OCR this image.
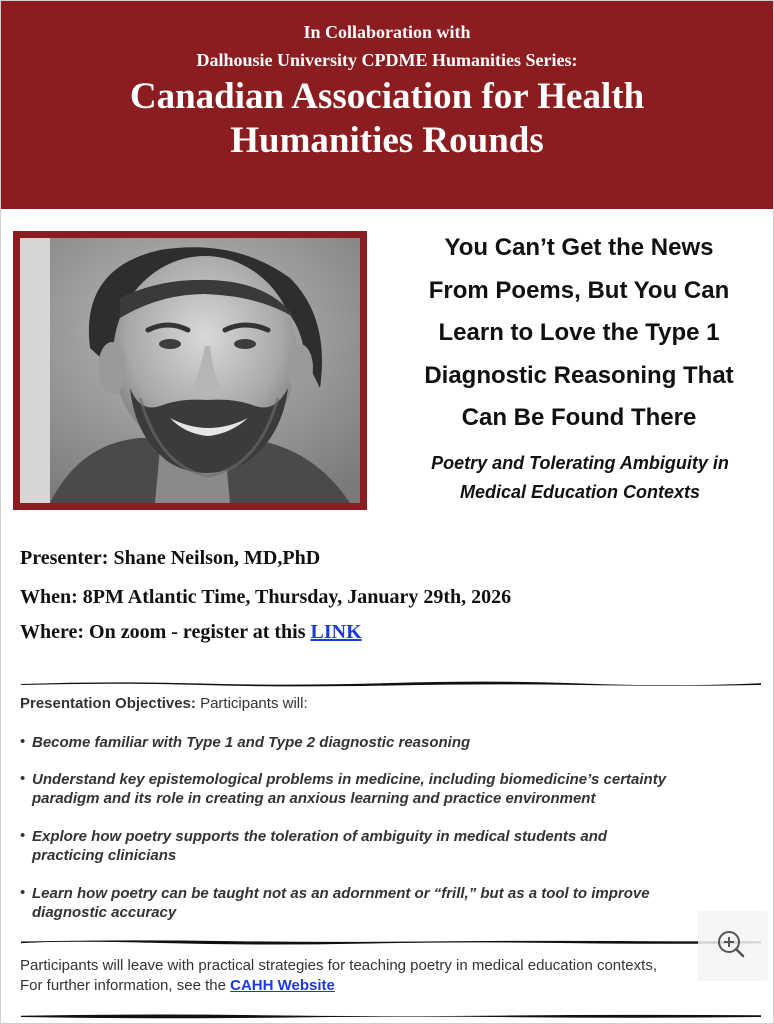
In Collaboration with
Dalhousie University CPDME Humanities Series:
Canadian Association for Health
Humanities Rounds
You Can’t Get the News
From Poems, But You Can
Learn to Love the Type 1
Diagnostic Reasoning That
Can Be Found There
Poetry and Tolerating Ambiguity in
Medical Education Contexts
Presenter: Shane Neilson, MD,PhD
When: 8PM Atlantic Time, Thursday, January 29th, 2026
Where: On zoom - register at this LINK
Presentation Objectives: Participants will:
• Become familiar with Type 1 and Type 2 diagnostic reasoning
• Understand key epistemological problems in medicine, including biomedicine’s certainty
paradigm and its role in creating an anxious learning and practice environment
• Explore how poetry supports the toleration of ambiguity in medical students and
practicing clinicians
• Learn how poetry can be taught not as an adornment or “frill,” but as a tool to improve
diagnostic accuracy
Participants will leave with practical strategies for teaching poetry in medical education contexts,
For further information, see the CAHH Website
